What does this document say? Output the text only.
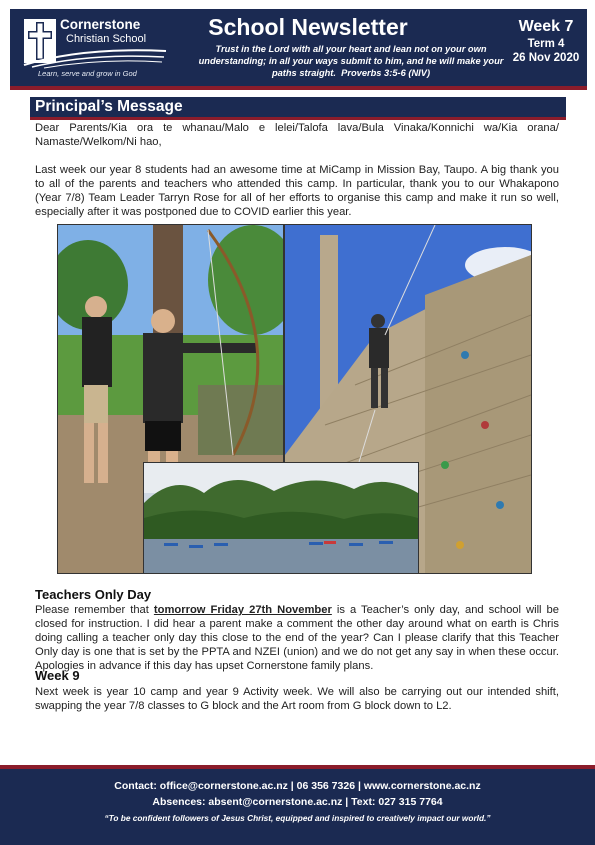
Cornerstone
Christian School
Learn, serve and grow in God
School Newsletter
Trust in the Lord with all your heart and lean not on your own understanding; in all your ways submit to him, and he will make your paths straight. Proverbs 3:5-6 (NIV)
Week 7
Term 4
26 Nov 2020
Principal’s Message
Dear Parents/Kia ora te whanau/Malo e lelei/Talofa lava/Bula Vinaka/Konnichi wa/Kia orana/ Namaste/Welkom/Ni hao,
Last week our year 8 students had an awesome time at MiCamp in Mission Bay, Taupo. A big thank you to all of the parents and teachers who attended this camp. In particular, thank you to our Whakapono (Year 7/8) Team Leader Tarryn Rose for all of her efforts to organise this camp and make it run so well, especially after it was postponed due to COVID earlier this year.
Teachers Only Day
Please remember that tomorrow Friday 27th November is a Teacher’s only day, and school will be closed for instruction. I did hear a parent make a comment the other day around what on earth is Chris doing calling a teacher only day this close to the end of the year? Can I please clarify that this Teacher Only day is one that is set by the PPTA and NZEI (union) and we do not get any say in when these occur. Apologies in advance if this day has upset Cornerstone family plans.
Week 9
Next week is year 10 camp and year 9 Activity week. We will also be carrying out our intended shift, swapping the year 7/8 classes to G block and the Art room from G block down to L2.
Contact: office@cornerstone.ac.nz | 06 356 7326 | www.cornerstone.ac.nz
Absences: absent@cornerstone.ac.nz | Text: 027 315 7764
“To be confident followers of Jesus Christ, equipped and inspired to creatively impact our world.”
